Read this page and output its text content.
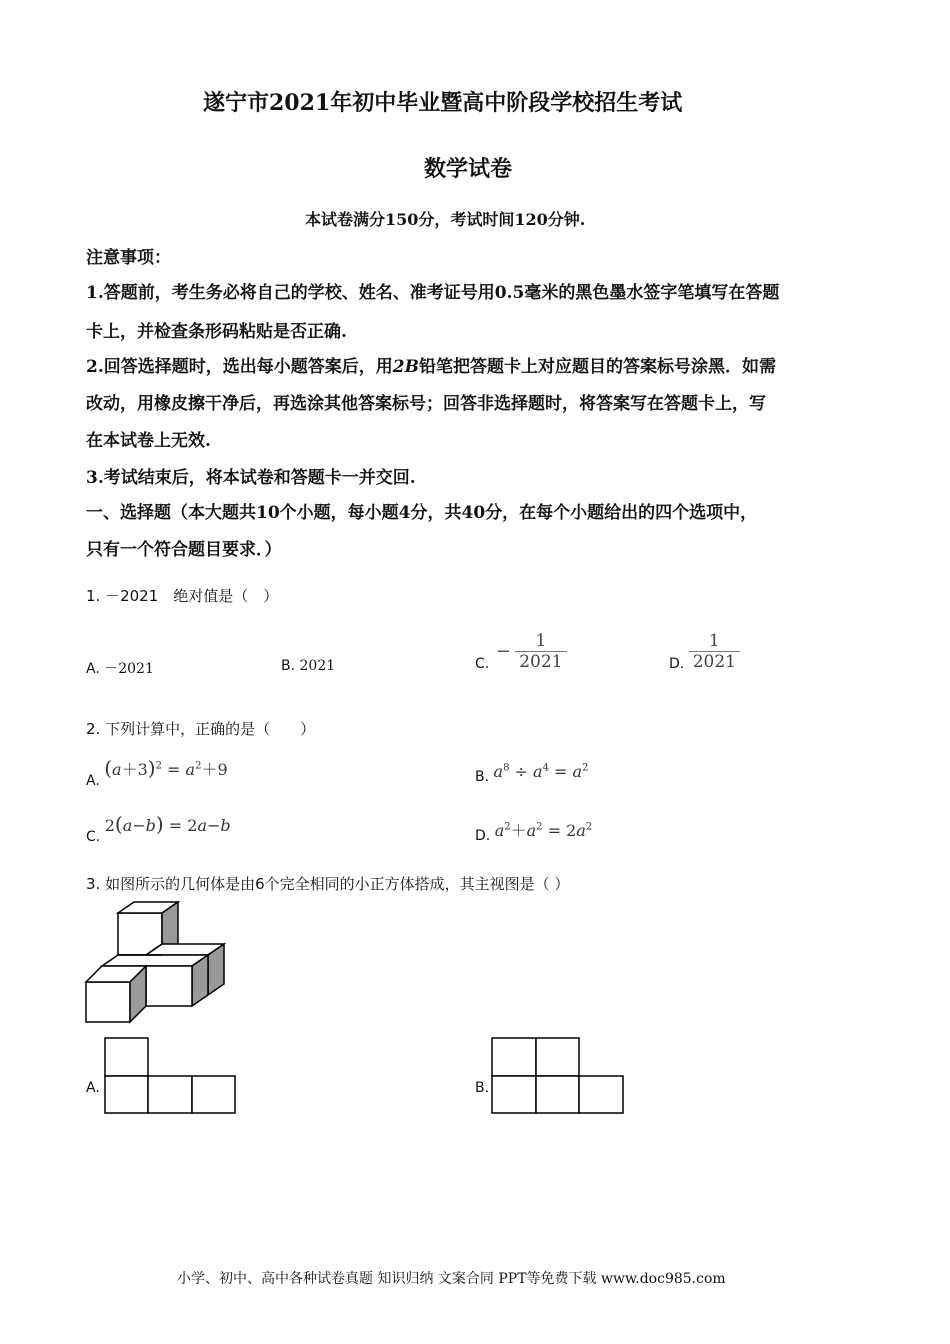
遂宁市2021年初中毕业暨高中阶段学校招生考试
数学试卷
本试卷满分150分，考试时间120分钟.
注意事项：
1.答题前，考生务必将自己的学校、姓名、准考证号用0.5毫米的黑色墨水签字笔填写在答题
卡上，并检查条形码粘贴是否正确.
2.回答选择题时，选出每小题答案后，用2B铅笔把答题卡上对应题目的答案标号涂黑．如需
改动，用橡皮擦干净后，再选涂其他答案标号；回答非选择题时，将答案写在答题卡上，写
在本试卷上无效.
3.考试结束后，将本试卷和答题卡一并交回.
一、选择题（本大题共10个小题，每小题4分，共40分，在每个小题给出的四个选项中，
只有一个符合题目要求．）
1. －2021　绝对值是（　）
A. －2021	B. 2021	C. − $\frac{1}{2021}$	D. $\frac{1}{2021}$
2. 下列计算中，正确的是（　　）
A. $(a+3)^2 = a^2+9$	B. $a^8 \div a^4 = a^2$
C. 2(a−b) = 2a−b
D. $a^2+a^2 = 2a^2$
3. 如图所示的几何体是由6个完全相同的小正方体搭成，其主视图是（ ）
A.	B.
小学、初中、高中各种试卷真题 知识归纳 文案合同 PPT等免费下载 www.doc985.com
